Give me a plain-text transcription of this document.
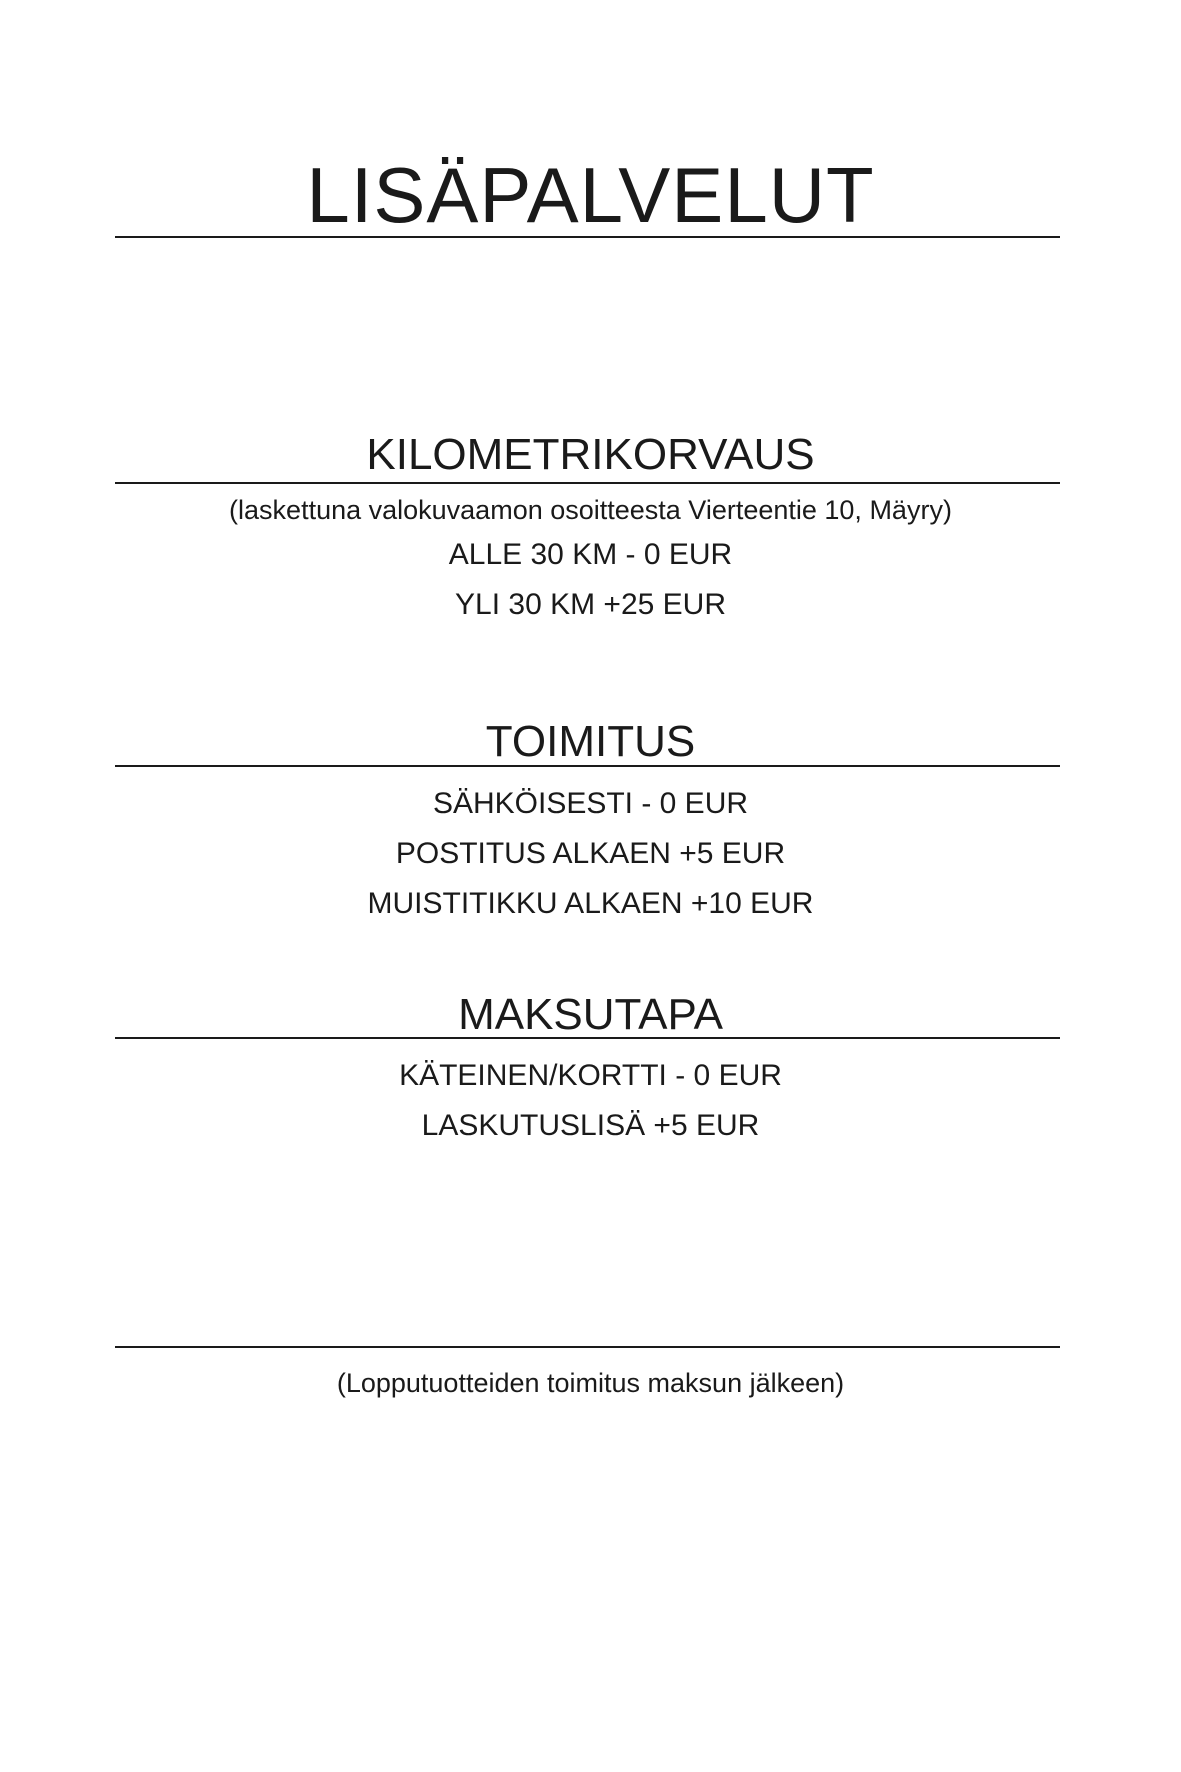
LISÄPALVELUT
KILOMETRIKORVAUS

(laskettuna valokuvaamon osoitteesta Vierteentie 10, Mäyry)

ALLE 30 KM - 0 EUR

YLI 30 KM +25 EUR

TOIMITUS

SÄHKÖISESTI - 0 EUR

POSTITUS ALKAEN +5 EUR

MUISTITIKKU ALKAEN +10 EUR

MAKSUTAPA

KÄTEINEN/KORTTI - 0 EUR

LASKUTUSLISÄ +5 EUR

(Lopputuotteiden toimitus maksun jälkeen)
